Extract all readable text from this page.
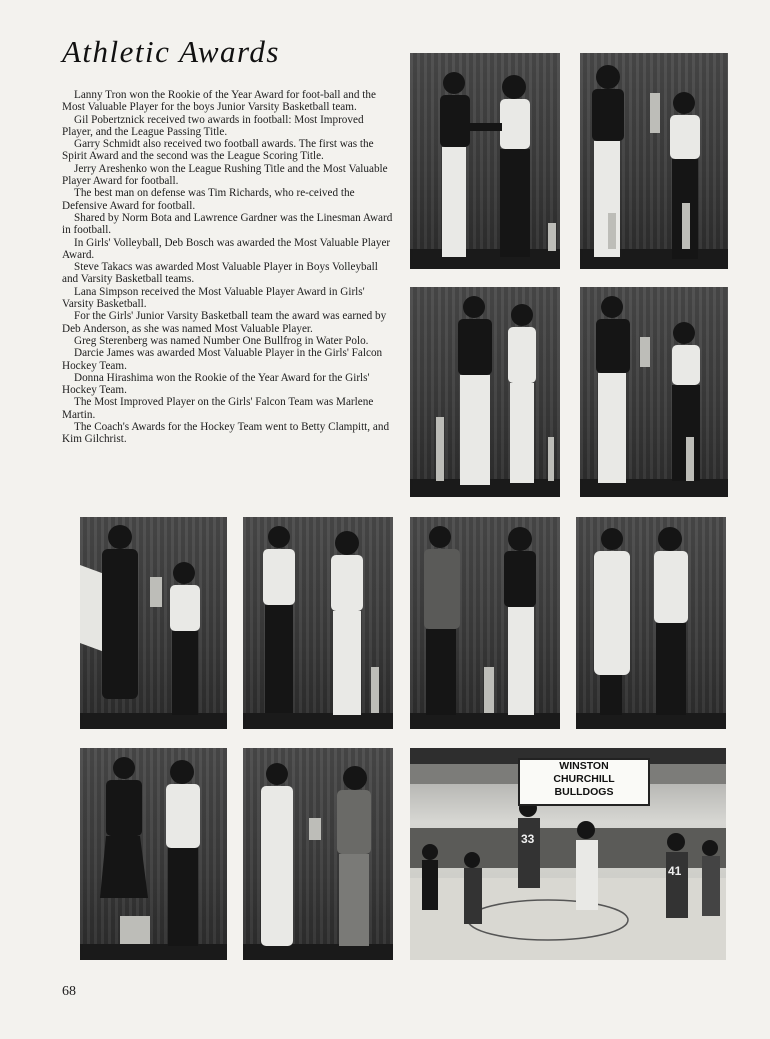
Athletic Awards

Lanny Tron won the Rookie of the Year Award for foot-ball and the Most Valuable Player for the boys Junior Varsity Basketball team.

Gil Pobertznick received two awards in football: Most Improved Player, and the League Passing Title.

Garry Schmidt also received two football awards. The first was the Spirit Award and the second was the League Scoring Title.

Jerry Areshenko won the League Rushing Title and the Most Valuable Player Award for football.

The best man on defense was Tim Richards, who re-ceived the Defensive Award for football.

Shared by Norm Bota and Lawrence Gardner was the Linesman Award in football.

In Girls' Volleyball, Deb Bosch was awarded the Most Valuable Player Award.

Steve Takacs was awarded Most Valuable Player in Boys Volleyball and Varsity Basketball teams.

Lana Simpson received the Most Valuable Player Award in Girls' Varsity Basketball.

For the Girls' Junior Varsity Basketball team the award was earned by Deb Anderson, as she was named Most Valuable Player.

Greg Sterenberg was named Number One Bullfrog in Water Polo.

Darcie James was awarded Most Valuable Player in the Girls' Falcon Hockey Team.

Donna Hirashima won the Rookie of the Year Award for the Girls' Hockey Team.

The Most Improved Player on the Girls' Falcon Team was Marlene Martin.

The Coach's Awards for the Hockey Team went to Betty Clampitt, and Kim Gilchrist.

WINSTON
CHURCHILL
BULLDOGS
33
41
68
